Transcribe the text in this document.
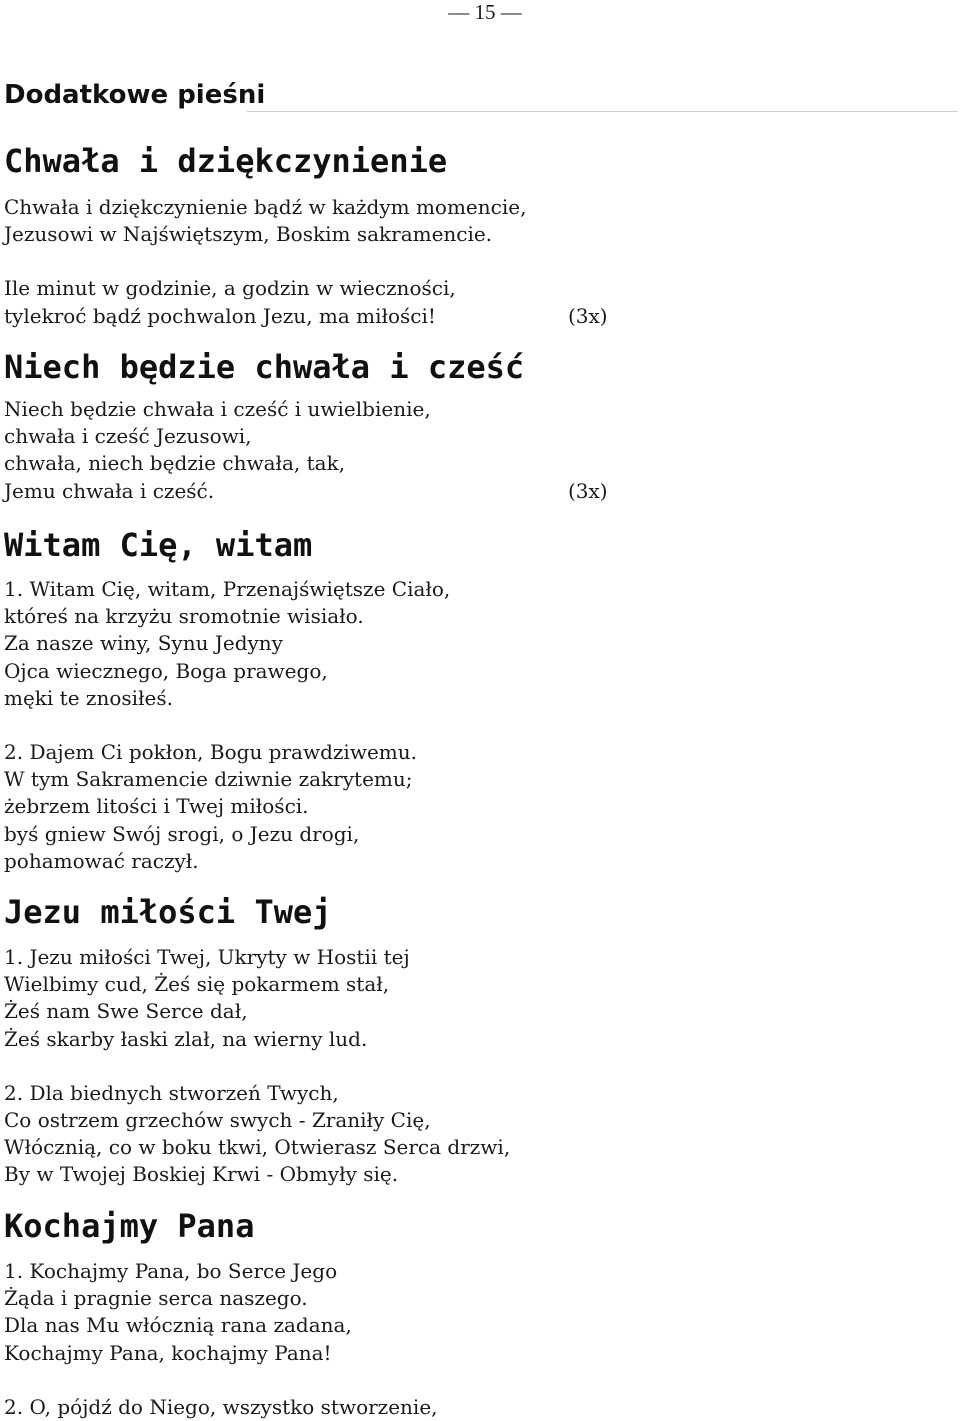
— 15 —
Dodatkowe pieśni
Chwała i dziękczynienie

Chwała i dziękczynienie bądź w każdym momencie,

Jezusowi w Najświętszym, Boskim sakramencie.

Ile minut w godzinie, a godzin w wieczności,

tylekroć bądź pochwalon Jezu, ma miłości!	(3x)
Niech będzie chwała i cześć

Niech będzie chwała i cześć i uwielbienie,

chwała i cześć Jezusowi,

chwała, niech będzie chwała, tak,

Jemu chwała i cześć.	(3x)
Witam Cię, witam

1. Witam Cię, witam, Przenajświętsze Ciało,

któreś na krzyżu sromotnie wisiało.

Za nasze winy, Synu Jedyny

Ojca wiecznego, Boga prawego,

męki te znosiłeś.

2. Dajem Ci pokłon, Bogu prawdziwemu.

W tym Sakramencie dziwnie zakrytemu;

żebrzem litości i Twej miłości.

byś gniew Swój srogi, o Jezu drogi,

pohamować raczył.

Jezu miłości Twej

1. Jezu miłości Twej, Ukryty w Hostii tej

Wielbimy cud, Żeś się pokarmem stał,

Żeś nam Swe Serce dał,

Żeś skarby łaski zlał, na wierny lud.

2. Dla biednych stworzeń Twych,

Co ostrzem grzechów swych - Zraniły Cię,

Włócznią, co w boku tkwi, Otwierasz Serca drzwi,

By w Twojej Boskiej Krwi - Obmyły się.

Kochajmy Pana

1. Kochajmy Pana, bo Serce Jego

Żąda i pragnie serca naszego.

Dla nas Mu włócznią rana zadana,

Kochajmy Pana, kochajmy Pana!

2. O, pójdź do Niego, wszystko stworzenie,
